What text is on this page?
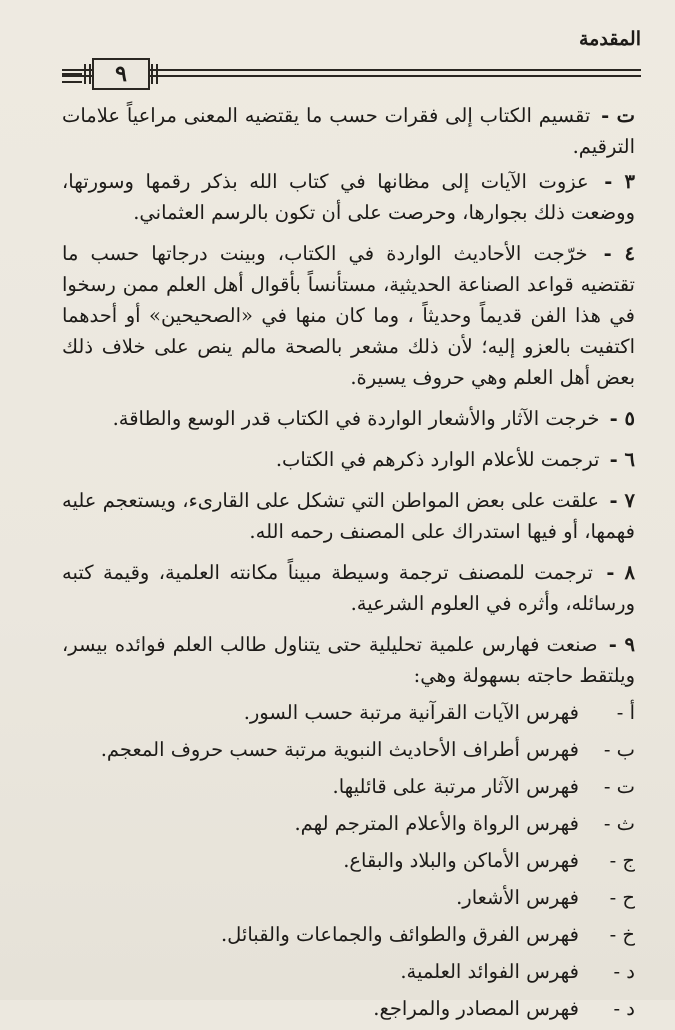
المقدمة
٩

ت - تقسيم الكتاب إلى فقرات حسب ما يقتضيه المعنى مراعياً علامات الترقيم.

٣ - عزوت الآيات إلى مظانها في كتاب الله بذكر رقمها وسورتها، ووضعت ذلك بجوارها، وحرصت على أن تكون بالرسم العثماني.

٤ - خرّجت الأحاديث الواردة في الكتاب، وبينت درجاتها حسب ما تقتضيه قواعد الصناعة الحديثية، مستأنساً بأقوال أهل العلم ممن رسخوا في هذا الفن قديماً وحديثاً ، وما كان منها في «الصحيحين» أو أحدهما اكتفيت بالعزو إليه؛ لأن ذلك مشعر بالصحة مالم ينص على خلاف ذلك بعض أهل العلم وهي حروف يسيرة.

٥ - خرجت الآثار والأشعار الواردة في الكتاب قدر الوسع والطاقة.

٦ - ترجمت للأعلام الوارد ذكرهم في الكتاب.

٧ - علقت على بعض المواطن التي تشكل على القارىء، ويستعجم عليه فهمها، أو فيها استدراك على المصنف رحمه الله.

٨ - ترجمت للمصنف ترجمة وسيطة مبيناً مكانته العلمية، وقيمة كتبه ورسائله، وأثره في العلوم الشرعية.

٩ - صنعت فهارس علمية تحليلية حتى يتناول طالب العلم فوائده بيسر، ويلتقط حاجته بسهولة وهي:

أ -
فهرس الآيات القرآنية مرتبة حسب السور.
ب -
فهرس أطراف الأحاديث النبوية مرتبة حسب حروف المعجم.
ت -
فهرس الآثار مرتبة على قائليها.
ث -
فهرس الرواة والأعلام المترجم لهم.
ج -
فهرس الأماكن والبلاد والبقاع.
ح -
فهرس الأشعار.
خ -
فهرس الفرق والطوائف والجماعات والقبائل.
د -
فهرس الفوائد العلمية.
د -
فهرس المصادر والمراجع.
